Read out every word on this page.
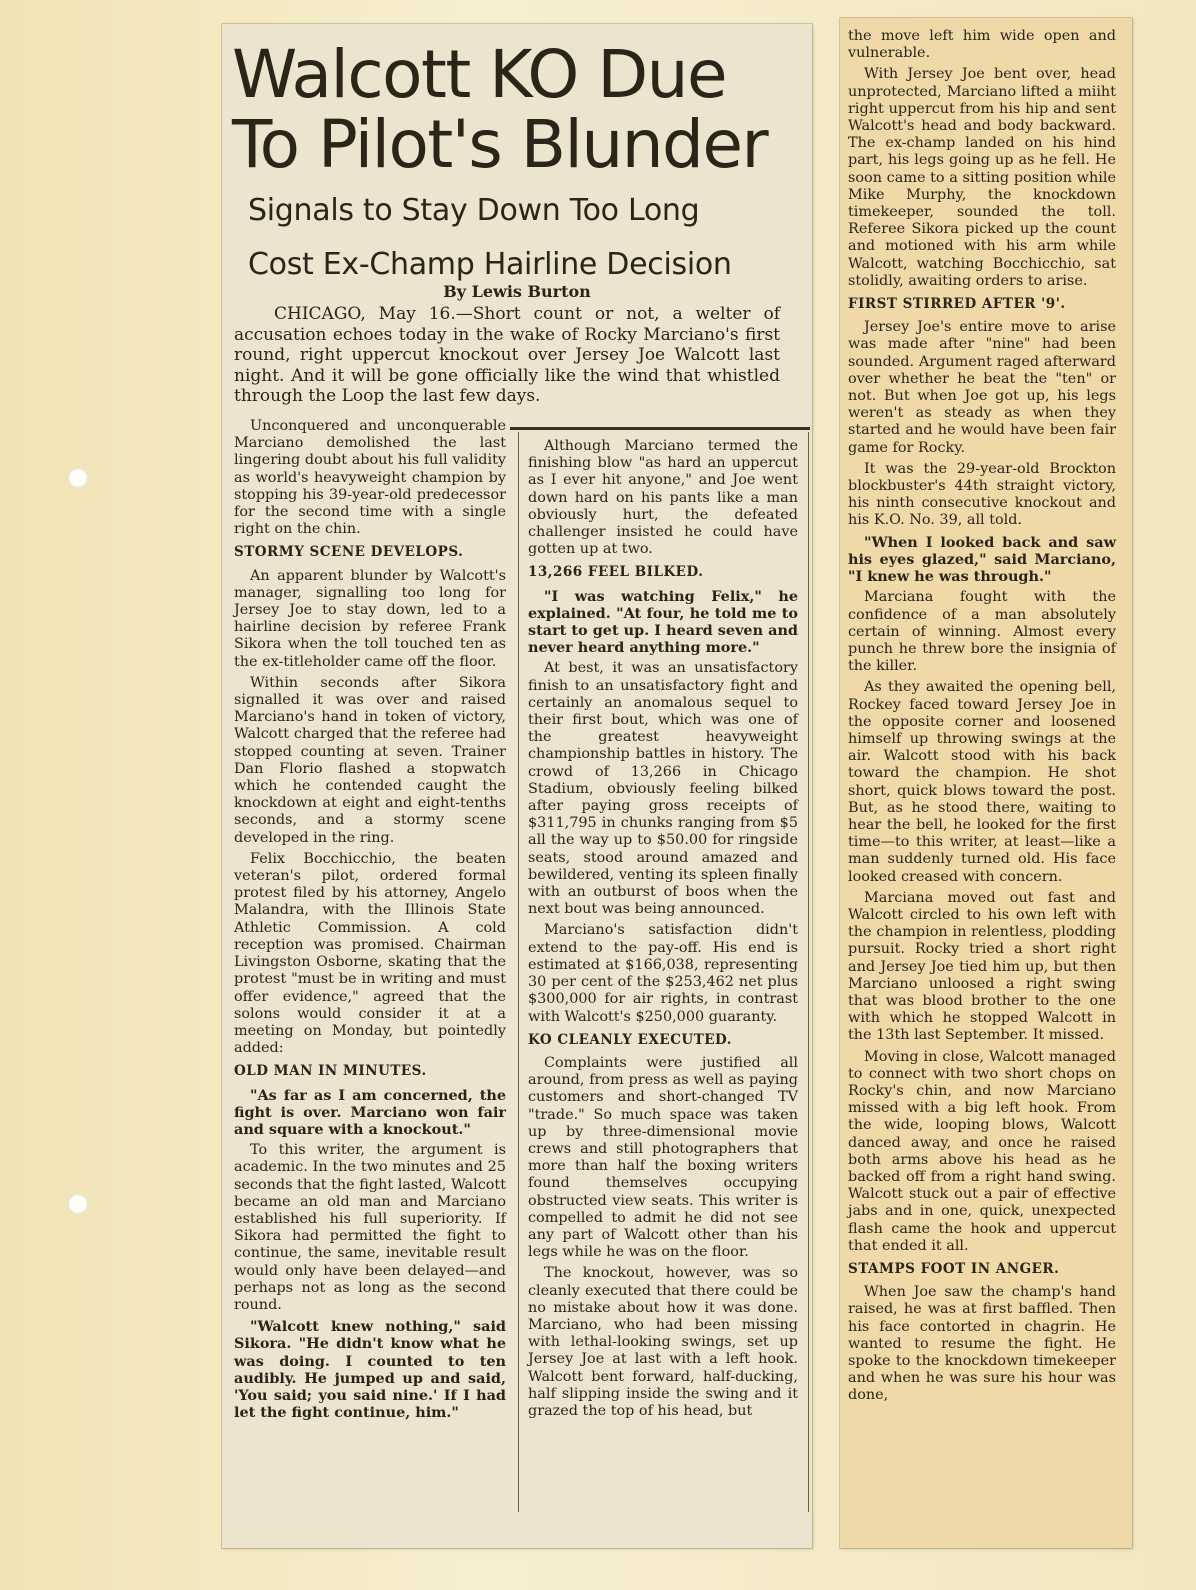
Walcott KO Due
To Pilot's Blunder
Signals to Stay Down Too Long
Cost Ex-Champ Hairline Decision
By Lewis Burton

CHICAGO, May 16.—Short count or not, a welter of accusation echoes today in the wake of Rocky Marciano's first round, right uppercut knockout over Jersey Joe Walcott last night. And it will be gone officially like the wind that whistled through the Loop the last few days.

Unconquered and unconquerable Marciano demolished the last lingering doubt about his full validity as world's heavyweight champion by stopping his 39-year-old predecessor for the second time with a single right on the chin.

STORMY SCENE DEVELOPS.

An apparent blunder by Walcott's manager, signalling too long for Jersey Joe to stay down, led to a hairline decision by referee Frank Sikora when the toll touched ten as the ex-titleholder came off the floor.

Within seconds after Sikora signalled it was over and raised Marciano's hand in token of victory, Walcott charged that the referee had stopped counting at seven. Trainer Dan Florio flashed a stopwatch which he contended caught the knockdown at eight and eight-tenths seconds, and a stormy scene developed in the ring.

Felix Bocchicchio, the beaten veteran's pilot, ordered formal protest filed by his attorney, Angelo Malandra, with the Illinois State Athletic Commission. A cold reception was promised. Chairman Livingston Osborne, skating that the protest "must be in writing and must offer evidence," agreed that the solons would consider it at a meeting on Monday, but pointedly added:

OLD MAN IN MINUTES.

"As far as I am concerned, the fight is over. Marciano won fair and square with a knockout."

To this writer, the argument is academic. In the two minutes and 25 seconds that the fight lasted, Walcott became an old man and Marciano established his full superiority. If Sikora had permitted the fight to continue, the same, inevitable result would only have been delayed—and perhaps not as long as the second round.

"Walcott knew nothing," said Sikora. "He didn't know what he was doing. I counted to ten audibly. He jumped up and said, 'You said; you said nine.' If I had let the fight continue, him."

Although Marciano termed the finishing blow "as hard an uppercut as I ever hit anyone," and Joe went down hard on his pants like a man obviously hurt, the defeated challenger insisted he could have gotten up at two.

13,266 FEEL BILKED.

"I was watching Felix," he explained. "At four, he told me to start to get up. I heard seven and never heard anything more."

At best, it was an unsatisfactory finish to an unsatisfactory fight and certainly an anomalous sequel to their first bout, which was one of the greatest heavyweight championship battles in history. The crowd of 13,266 in Chicago Stadium, obviously feeling bilked after paying gross receipts of $311,795 in chunks ranging from $5 all the way up to $50.00 for ringside seats, stood around amazed and bewildered, venting its spleen finally with an outburst of boos when the next bout was being announced.

Marciano's satisfaction didn't extend to the pay-off. His end is estimated at $166,038, representing 30 per cent of the $253,462 net plus $300,000 for air rights, in contrast with Walcott's $250,000 guaranty.

KO CLEANLY EXECUTED.

Complaints were justified all around, from press as well as paying customers and short-changed TV "trade." So much space was taken up by three-dimensional movie crews and still photographers that more than half the boxing writers found themselves occupying obstructed view seats. This writer is compelled to admit he did not see any part of Walcott other than his legs while he was on the floor.

The knockout, however, was so cleanly executed that there could be no mistake about how it was done. Marciano, who had been missing with lethal-looking swings, set up Jersey Joe at last with a left hook. Walcott bent forward, half-ducking, half slipping inside the swing and it grazed the top of his head, but

the move left him wide open and vulnerable.

With Jersey Joe bent over, head unprotected, Marciano lifted a miiht right uppercut from his hip and sent Walcott's head and body backward. The ex-champ landed on his hind part, his legs going up as he fell. He soon came to a sitting position while Mike Murphy, the knockdown timekeeper, sounded the toll. Referee Sikora picked up the count and motioned with his arm while Walcott, watching Bocchicchio, sat stolidly, awaiting orders to arise.

FIRST STIRRED AFTER '9'.

Jersey Joe's entire move to arise was made after "nine" had been sounded. Argument raged afterward over whether he beat the "ten" or not. But when Joe got up, his legs weren't as steady as when they started and he would have been fair game for Rocky.

It was the 29-year-old Brockton blockbuster's 44th straight victory, his ninth consecutive knockout and his K.O. No. 39, all told.

"When I looked back and saw his eyes glazed," said Marciano, "I knew he was through."

Marciana fought with the confidence of a man absolutely certain of winning. Almost every punch he threw bore the insignia of the killer.

As they awaited the opening bell, Rockey faced toward Jersey Joe in the opposite corner and loosened himself up throwing swings at the air. Walcott stood with his back toward the champion. He shot short, quick blows toward the post. But, as he stood there, waiting to hear the bell, he looked for the first time—to this writer, at least—like a man suddenly turned old. His face looked creased with concern.

Marciana moved out fast and Walcott circled to his own left with the champion in relentless, plodding pursuit. Rocky tried a short right and Jersey Joe tied him up, but then Marciano unloosed a right swing that was blood brother to the one with which he stopped Walcott in the 13th last September. It missed.

Moving in close, Walcott managed to connect with two short chops on Rocky's chin, and now Marciano missed with a big left hook. From the wide, looping blows, Walcott danced away, and once he raised both arms above his head as he backed off from a right hand swing. Walcott stuck out a pair of effective jabs and in one, quick, unexpected flash came the hook and uppercut that ended it all.

STAMPS FOOT IN ANGER.

When Joe saw the champ's hand raised, he was at first baffled. Then his face contorted in chagrin. He wanted to resume the fight. He spoke to the knockdown timekeeper and when he was sure his hour was done,
